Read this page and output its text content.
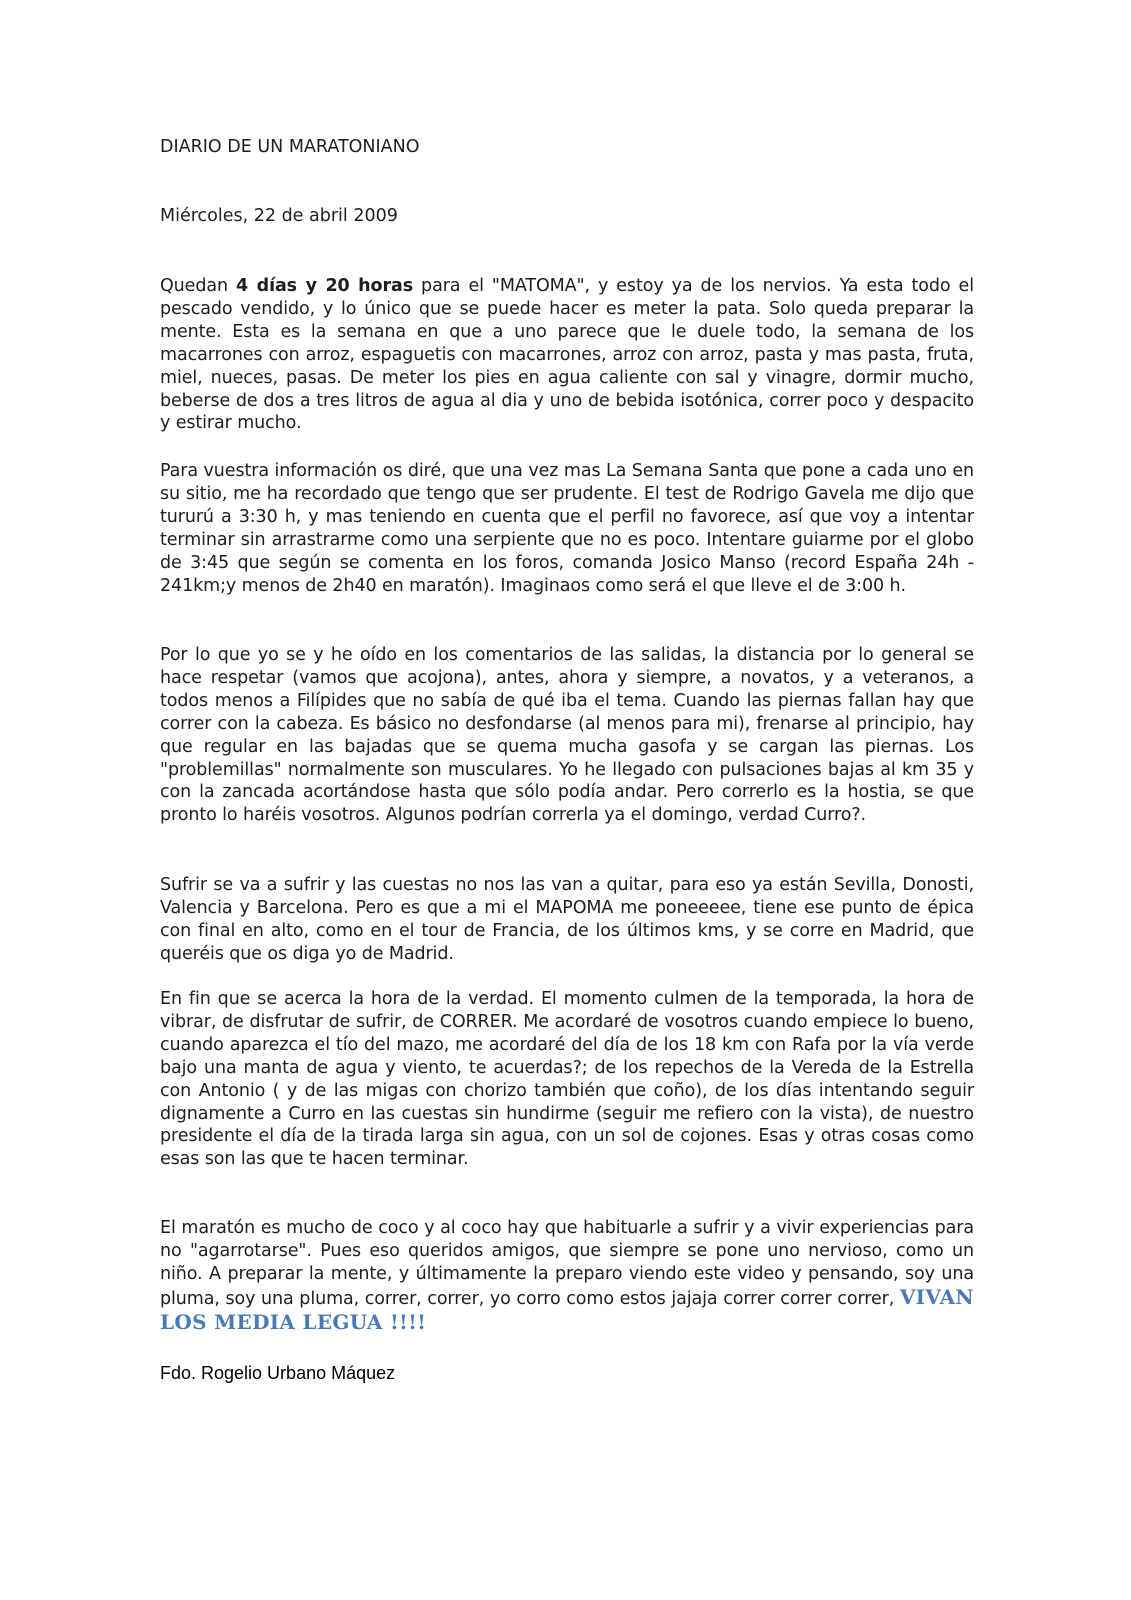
DIARIO DE UN MARATONIANO
Miércoles, 22 de abril 2009

Quedan 4 días y 20 horas para el "MATOMA", y estoy ya de los nervios. Ya esta todo el pescado vendido, y lo único que se puede hacer es meter la pata. Solo queda preparar la mente. Esta es la semana en que a uno parece que le duele todo, la semana de los macarrones con arroz, espaguetis con macarrones, arroz con arroz, pasta y mas pasta, fruta, miel, nueces, pasas. De meter los pies en agua caliente con sal y vinagre, dormir mucho, beberse de dos a tres litros de agua al dia y uno de bebida isotónica, correr poco y despacito y estirar mucho.

Para vuestra información os diré, que una vez mas La Semana Santa que pone a cada uno en su sitio, me ha recordado que tengo que ser prudente. El test de Rodrigo Gavela me dijo que tururú a 3:30 h, y mas teniendo en cuenta que el perfil no favorece, así que voy a intentar terminar sin arrastrarme como una serpiente que no es poco. Intentare guiarme por el globo de 3:45 que según se comenta en los foros, comanda Josico Manso (record España 24h - 241km;y menos de 2h40 en maratón). Imaginaos como será el que lleve el de 3:00 h.

Por lo que yo se y he oído en los comentarios de las salidas, la distancia por lo general se hace respetar (vamos que acojona), antes, ahora y siempre, a novatos, y a veteranos, a todos menos a Filípides que no sabía de qué iba el tema. Cuando las piernas fallan hay que correr con la cabeza. Es básico no desfondarse (al menos para mi), frenarse al principio, hay que regular en las bajadas que se quema mucha gasofa y se cargan las piernas. Los "problemillas" normalmente son musculares. Yo he llegado con pulsaciones bajas al km 35 y con la zancada acortándose hasta que sólo podía andar. Pero correrlo es la hostia, se que pronto lo haréis vosotros. Algunos podrían correrla ya el domingo, verdad Curro?.

Sufrir se va a sufrir y las cuestas no nos las van a quitar, para eso ya están Sevilla, Donosti, Valencia y Barcelona. Pero es que a mi el MAPOMA me poneeeee, tiene ese punto de épica con final en alto, como en el tour de Francia, de los últimos kms, y se corre en Madrid, que queréis que os diga yo de Madrid.

En fin que se acerca la hora de la verdad. El momento culmen de la temporada, la hora de vibrar, de disfrutar de sufrir, de CORRER. Me acordaré de vosotros cuando empiece lo bueno, cuando aparezca el tío del mazo, me acordaré del día de los 18 km con Rafa por la vía verde bajo una manta de agua y viento, te acuerdas?; de los repechos de la Vereda de la Estrella con Antonio ( y de las migas con chorizo también que coño), de los días intentando seguir dignamente a Curro en las cuestas sin hundirme (seguir me refiero con la vista), de nuestro presidente el día de la tirada larga sin agua, con un sol de cojones. Esas y otras cosas como esas son las que te hacen terminar.

El maratón es mucho de coco y al coco hay que habituarle a sufrir y a vivir experiencias para no "agarrotarse". Pues eso queridos amigos, que siempre se pone uno nervioso, como un niño. A preparar la mente, y últimamente la preparo viendo este video y pensando, soy una pluma, soy una pluma, correr, correr, yo corro como estos jajaja correr correr correr, VIVAN LOS MEDIA LEGUA !!!!

Fdo. Rogelio Urbano Máquez
